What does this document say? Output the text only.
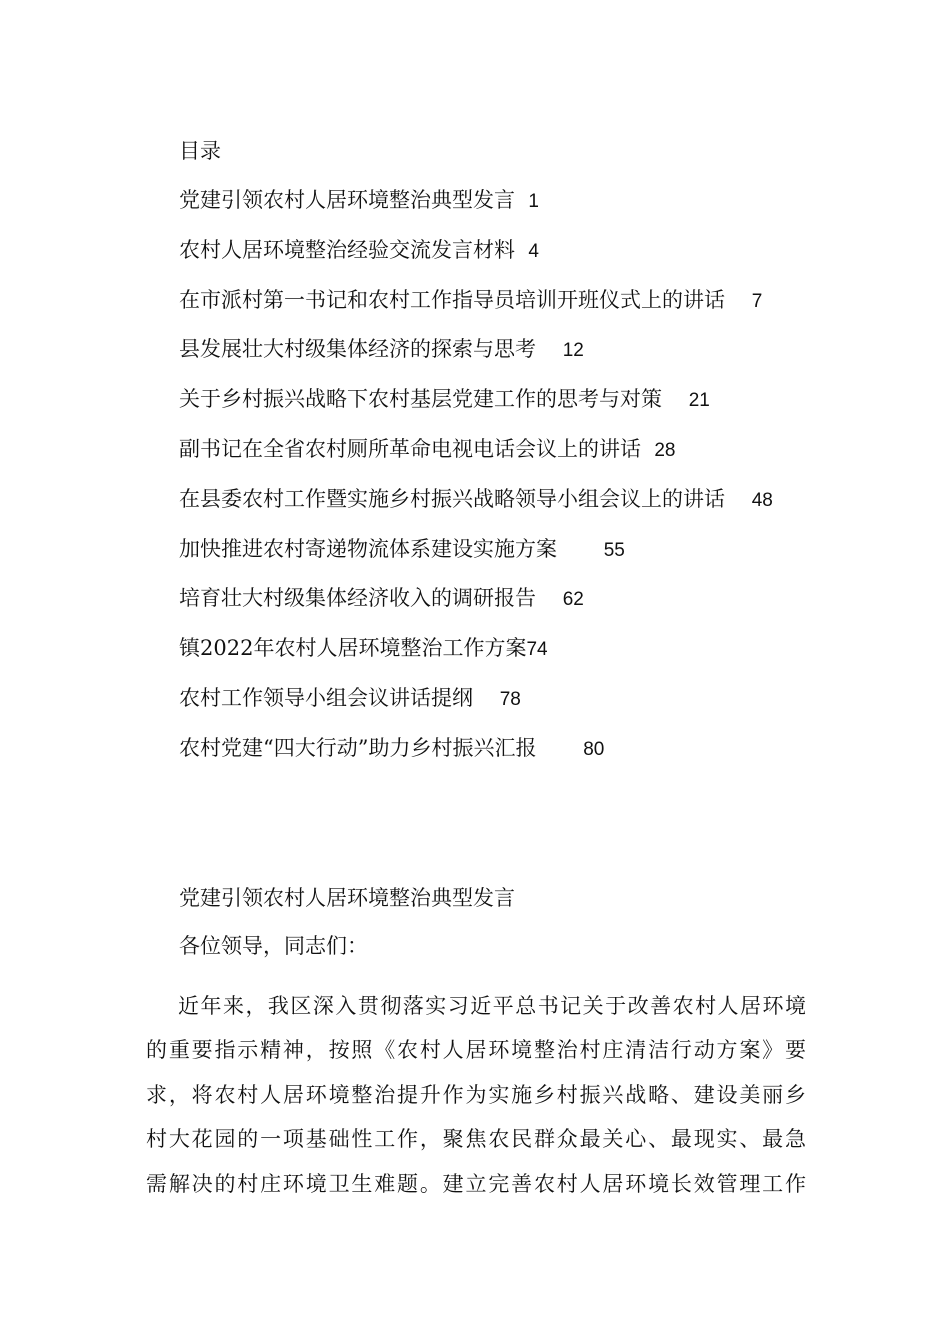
目录
党建引领农村人居环境整治典型发言 1
农村人居环境整治经验交流发言材料 4
在市派村第一书记和农村工作指导员培训开班仪式上的讲话 7
县发展壮大村级集体经济的探索与思考 12
关于乡村振兴战略下农村基层党建工作的思考与对策 21
副书记在全省农村厕所革命电视电话会议上的讲话 28
在县委农村工作暨实施乡村振兴战略领导小组会议上的讲话 48
加快推进农村寄递物流体系建设实施方案 55
培育壮大村级集体经济收入的调研报告 62
镇2022年农村人居环境整治工作方案74
农村工作领导小组会议讲话提纲 78
农村党建“四大行动”助力乡村振兴汇报 80
党建引领农村人居环境整治典型发言
各位领导，同志们：

近年来，我区深入贯彻落实习近平总书记关于改善农村人居环境
的重要指示精神，按照《农村人居环境整治村庄清洁行动方案》要
求，将农村人居环境整治提升作为实施乡村振兴战略、建设美丽乡
村大花园的一项基础性工作，聚焦农民群众最关心、最现实、最急
需解决的村庄环境卫生难题。建立完善农村人居环境长效管理工作
